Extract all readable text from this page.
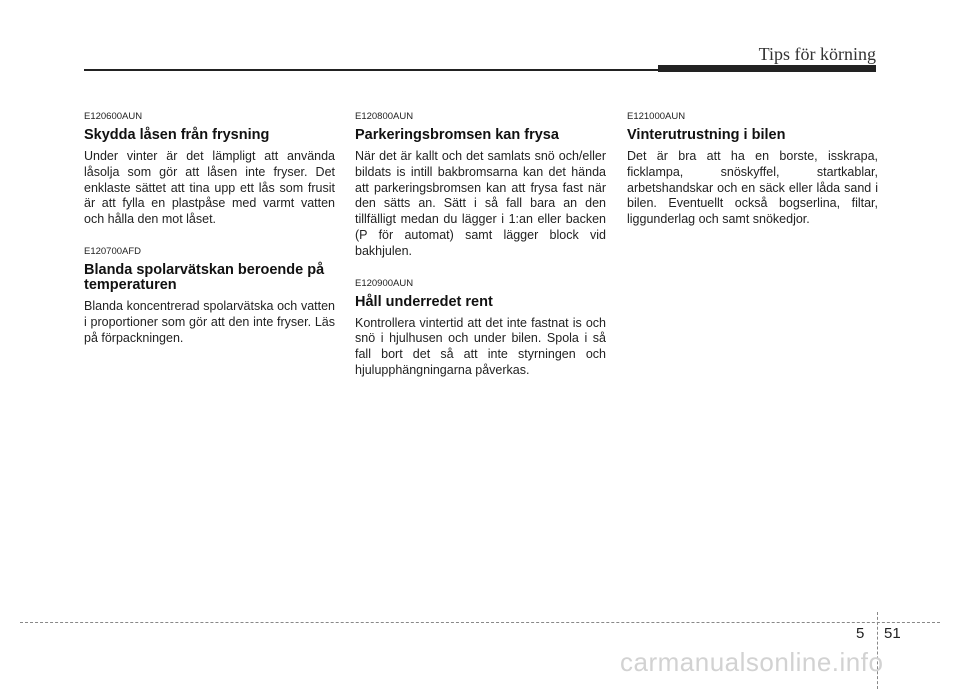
Tips för körning
E120600AUN
Skydda låsen från frysning
Under vinter är det lämpligt att använda låsolja som gör att låsen inte fryser. Det enklaste sättet att tina upp ett lås som frusit är att fylla en plastpåse med varmt vatten och hålla den mot låset.
E120700AFD
Blanda spolarvätskan beroende på temperaturen
Blanda koncentrerad spolarvätska och vatten i proportioner som gör att den inte fryser. Läs på förpackningen.
E120800AUN
Parkeringsbromsen kan frysa
När det är kallt och det samlats snö och/eller bildats is intill bakbromsarna kan det hända att parkeringsbromsen kan att frysa fast när den sätts an. Sätt i så fall bara an den tillfälligt medan du lägger i 1:an eller backen (P för automat) samt lägger block vid bakhjulen.
E120900AUN
Håll underredet rent
Kontrollera vintertid att det inte fastnat is och snö i hjulhusen och under bilen. Spola i så fall bort det så att inte styrningen och hjulupphängningarna påverkas.
E121000AUN
Vinterutrustning i bilen
Det är bra att ha en borste, isskrapa, ficklampa, snöskyffel, startkablar, arbetshandskar och en säck eller låda sand i bilen. Eventuellt också bogserlina, filtar, liggunderlag och samt snökedjor.
5 51
carmanualsonline.info
